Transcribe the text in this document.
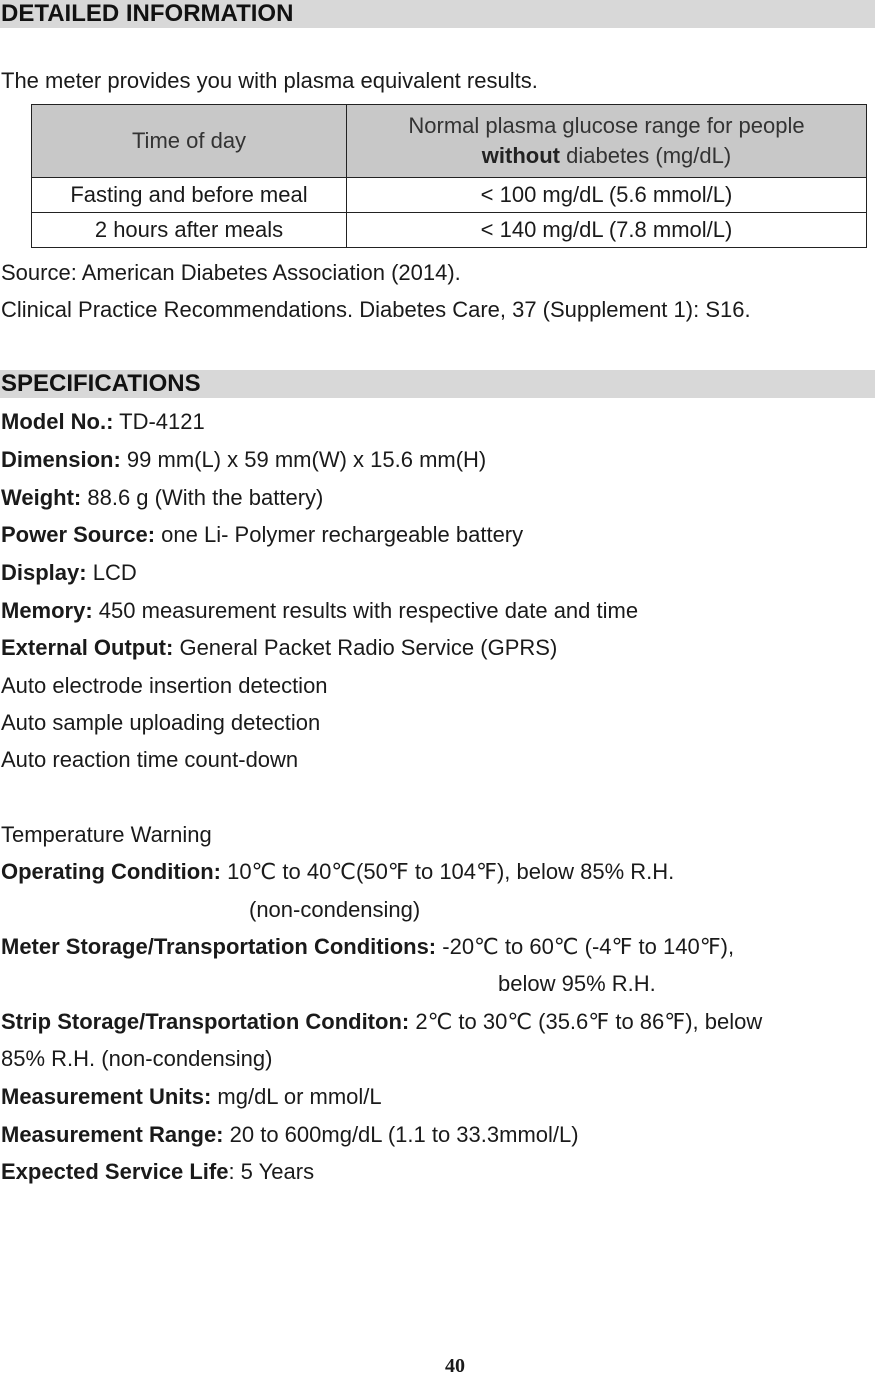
DETAILED INFORMATION
The meter provides you with plasma equivalent results.
Time of day	Normal plasma glucose range for people
without diabetes (mg/dL)
Fasting and before meal	< 100 mg/dL (5.6 mmol/L)
2 hours after meals	< 140 mg/dL (7.8 mmol/L)
Source: American Diabetes Association (2014).
Clinical Practice Recommendations. Diabetes Care, 37 (Supplement 1): S16.
SPECIFICATIONS
Model No.: TD-4121
Dimension: 99 mm(L) x 59 mm(W) x 15.6 mm(H)
Weight: 88.6 g (With the battery)
Power Source: one Li- Polymer rechargeable battery
Display: LCD
Memory: 450 measurement results with respective date and time
External Output: General Packet Radio Service (GPRS)
Auto electrode insertion detection
Auto sample uploading detection
Auto reaction time count-down
Temperature Warning
Operating Condition: 10℃ to 40℃(50℉ to 104℉), below 85% R.H.
(non-condensing)
Meter Storage/Transportation Conditions: -20℃ to 60℃ (-4℉ to 140℉),
below 95% R.H.
Strip Storage/Transportation Conditon: 2℃ to 30℃ (35.6℉ to 86℉), below
85% R.H. (non-condensing)
Measurement Units: mg/dL or mmol/L
Measurement Range: 20 to 600mg/dL (1.1 to 33.3mmol/L)
Expected Service Life: 5 Years
40
